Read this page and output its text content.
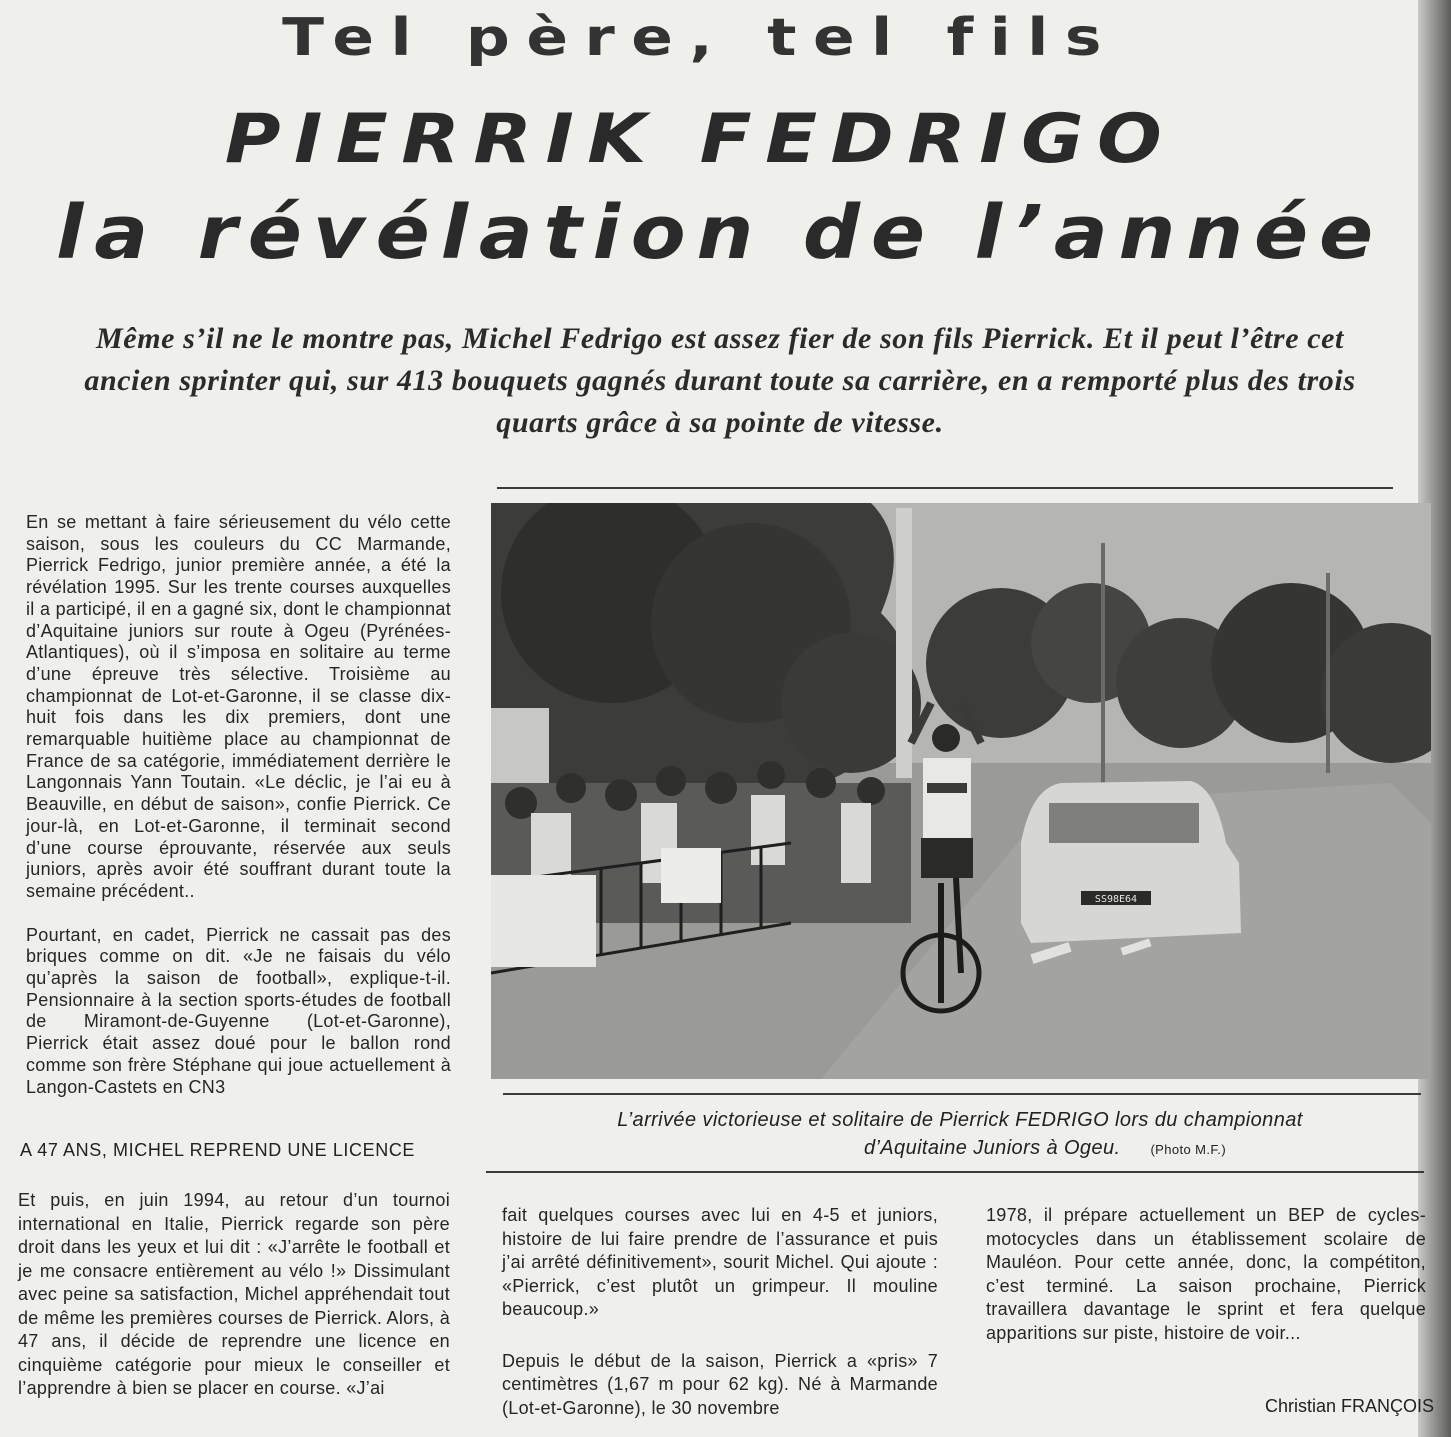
Tel père, tel fils
PIERRIK FEDRIGO
la révélation de l’année
Même s’il ne le montre pas, Michel Fedrigo est assez fier de son fils Pierrick. Et il peut l’être cet ancien sprinter qui, sur 413 bouquets gagnés durant toute sa carrière, en a remporté plus des trois quarts grâce à sa pointe de vitesse.

En se mettant à faire sérieusement du vélo cette saison, sous les couleurs du CC Marmande, Pierrick Fedrigo, junior première année, a été la révélation 1995. Sur les trente courses auxquelles il a participé, il en a gagné six, dont le championnat d’Aquitaine juniors sur route à Ogeu (Pyrénées-Atlantiques), où il s’imposa en solitaire au terme d’une épreuve très sélective. Troisième au championnat de Lot-et-Garonne, il se classe dix-huit fois dans les dix premiers, dont une remarquable huitième place au championnat de France de sa catégorie, immédiatement derrière le Langonnais Yann Toutain. «Le déclic, je l’ai eu à Beauville, en début de saison», confie Pierrick. Ce jour-là, en Lot-et-Garonne, il terminait second d’une course éprouvante, réservée aux seuls juniors, après avoir été souffrant durant toute la semaine précédent..

Pourtant, en cadet, Pierrick ne cassait pas des briques comme on dit. «Je ne faisais du vélo qu’après la saison de football», explique-t-il. Pensionnaire à la section sports-études de football de Miramont-de-Guyenne (Lot-et-Garonne), Pierrick était assez doué pour le ballon rond comme son frère Stéphane qui joue actuellement à Langon-Castets en CN3

A 47 ANS, MICHEL REPREND UNE LICENCE

Et puis, en juin 1994, au retour d’un tournoi international en Italie, Pierrick regarde son père droit dans les yeux et lui dit : «J’arrête le football et je me consacre entièrement au vélo !» Dissimulant avec peine sa satisfaction, Michel appréhendait tout de même les premières courses de Pierrick. Alors, à 47 ans, il décide de reprendre une licence en cinquième catégorie pour mieux le conseiller et l’apprendre à bien se placer en course. «J’ai

fait quelques courses avec lui en 4-5 et juniors, histoire de lui faire prendre de l’assurance et puis j’ai arrêté définitivement», sourit Michel. Qui ajoute : «Pierrick, c’est plutôt un grimpeur. Il mouline beaucoup.»

Depuis le début de la saison, Pierrick a «pris» 7 centimètres (1,67 m pour 62 kg). Né à Marmande (Lot-et-Garonne), le 30 novembre

1978, il prépare actuellement un BEP de cycles-motocycles dans un établissement scolaire de Mauléon. Pour cette année, donc, la compétiton, c’est terminé. La saison prochaine, Pierrick travaillera davantage le sprint et fera quelque apparitions sur piste, histoire de voir...

SS98E64
L’arrivée victorieuse et solitaire de Pierrick FEDRIGO lors du championnat
d’Aquitaine Juniors à Ogeu. (Photo M.F.)
Christian FRANÇOIS
